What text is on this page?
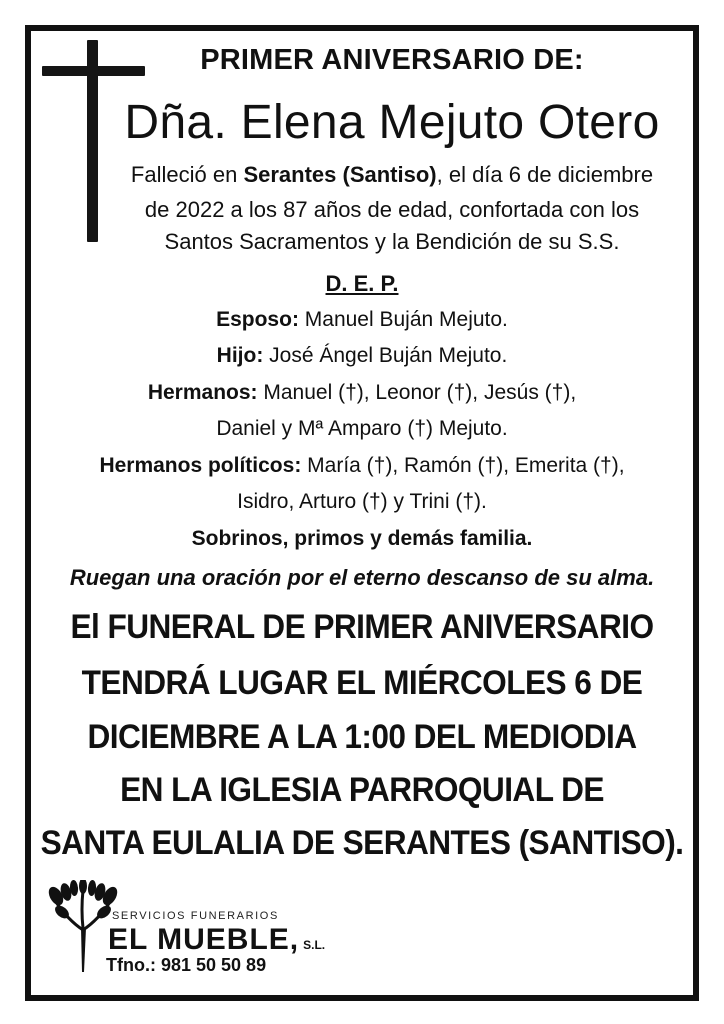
PRIMER ANIVERSARIO DE:

Dña. Elena Mejuto Otero

Falleció en Serantes (Santiso), el día 6 de diciembre

de 2022 a los 87 años de edad, confortada con los

Santos Sacramentos y la Bendición de su S.S.

D. E. P.

Esposo: Manuel Buján Mejuto.

Hijo: José Ángel Buján Mejuto.

Hermanos: Manuel (†), Leonor (†), Jesús (†),

Daniel y Mª Amparo (†) Mejuto.

Hermanos políticos: María (†), Ramón (†), Emerita (†),

Isidro, Arturo (†) y Trini (†).

Sobrinos, primos y demás familia.

Ruegan una oración por el eterno descanso de su alma.

El FUNERAL DE PRIMER ANIVERSARIO

TENDRÁ LUGAR EL MIÉRCOLES 6 DE

DICIEMBRE A LA 1:00 DEL MEDIODIA

EN LA IGLESIA PARROQUIAL DE

SANTA EULALIA DE SERANTES (SANTISO).

SERVICIOS FUNERARIOS
EL MUEBLE, S.L.
Tfno.: 981 50 50 89
